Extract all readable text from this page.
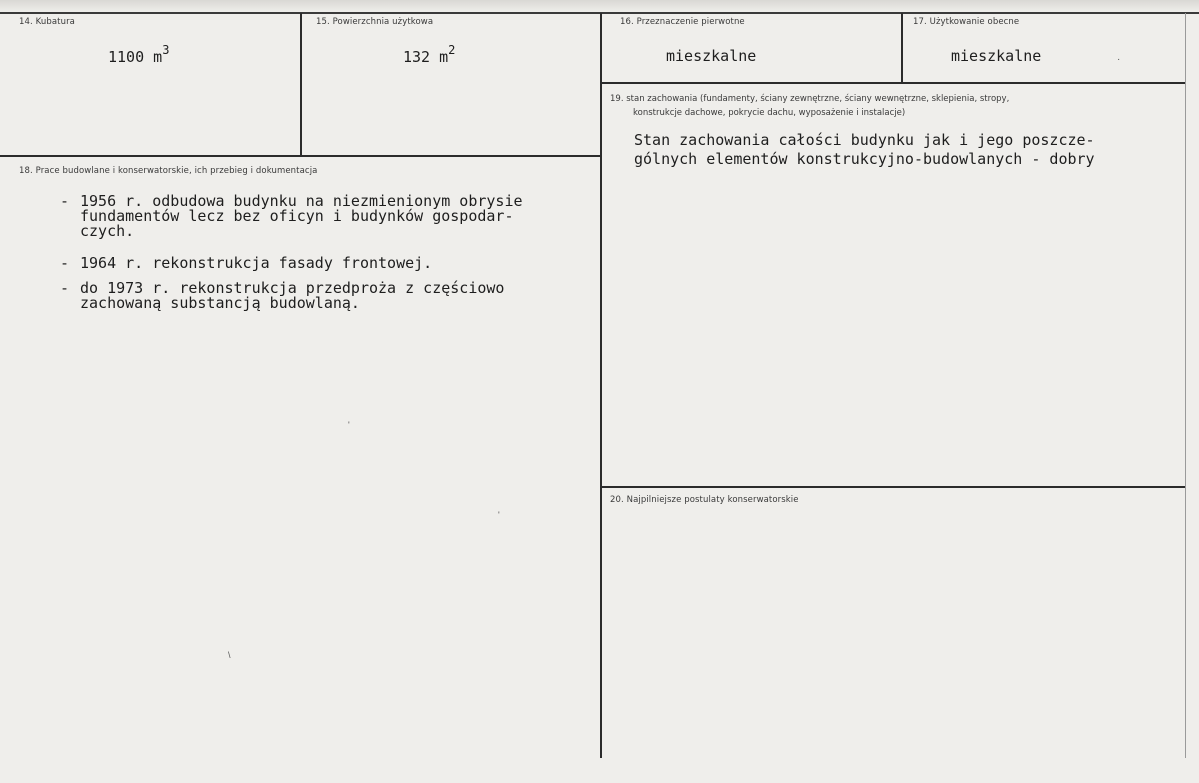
14. Kubatura
1100 $m^3$
15. Powierzchnia użytkowa
132 $m^2$
16. Przeznaczenie pierwotne
mieszkalne
17. Użytkowanie obecne
mieszkalne	·
18. Prace budowlane i konserwatorskie, ich przebieg i dokumentacja
- 1956 r. odbudowa budynku na niezmienionym obrysie
fundamentów lecz bez oficyn i budynków gospodar-
czych.
- 1964 r. rekonstrukcja fasady frontowej.
- do 1973 r. rekonstrukcja przedproża z częściowo
zachowaną substancją budowlaną.
19. stan zachowania (fundamenty, ściany zewnętrzne, ściany wewnętrzne, sklepienia, stropy,
konstrukcje dachowe, pokrycie dachu, wyposażenie i instalacje)
Stan zachowania całości budynku jak i jego poszcze-
gólnych elementów konstrukcyjno-budowlanych - dobry
20. Najpilniejsze postulaty konserwatorskie
'
'
\
